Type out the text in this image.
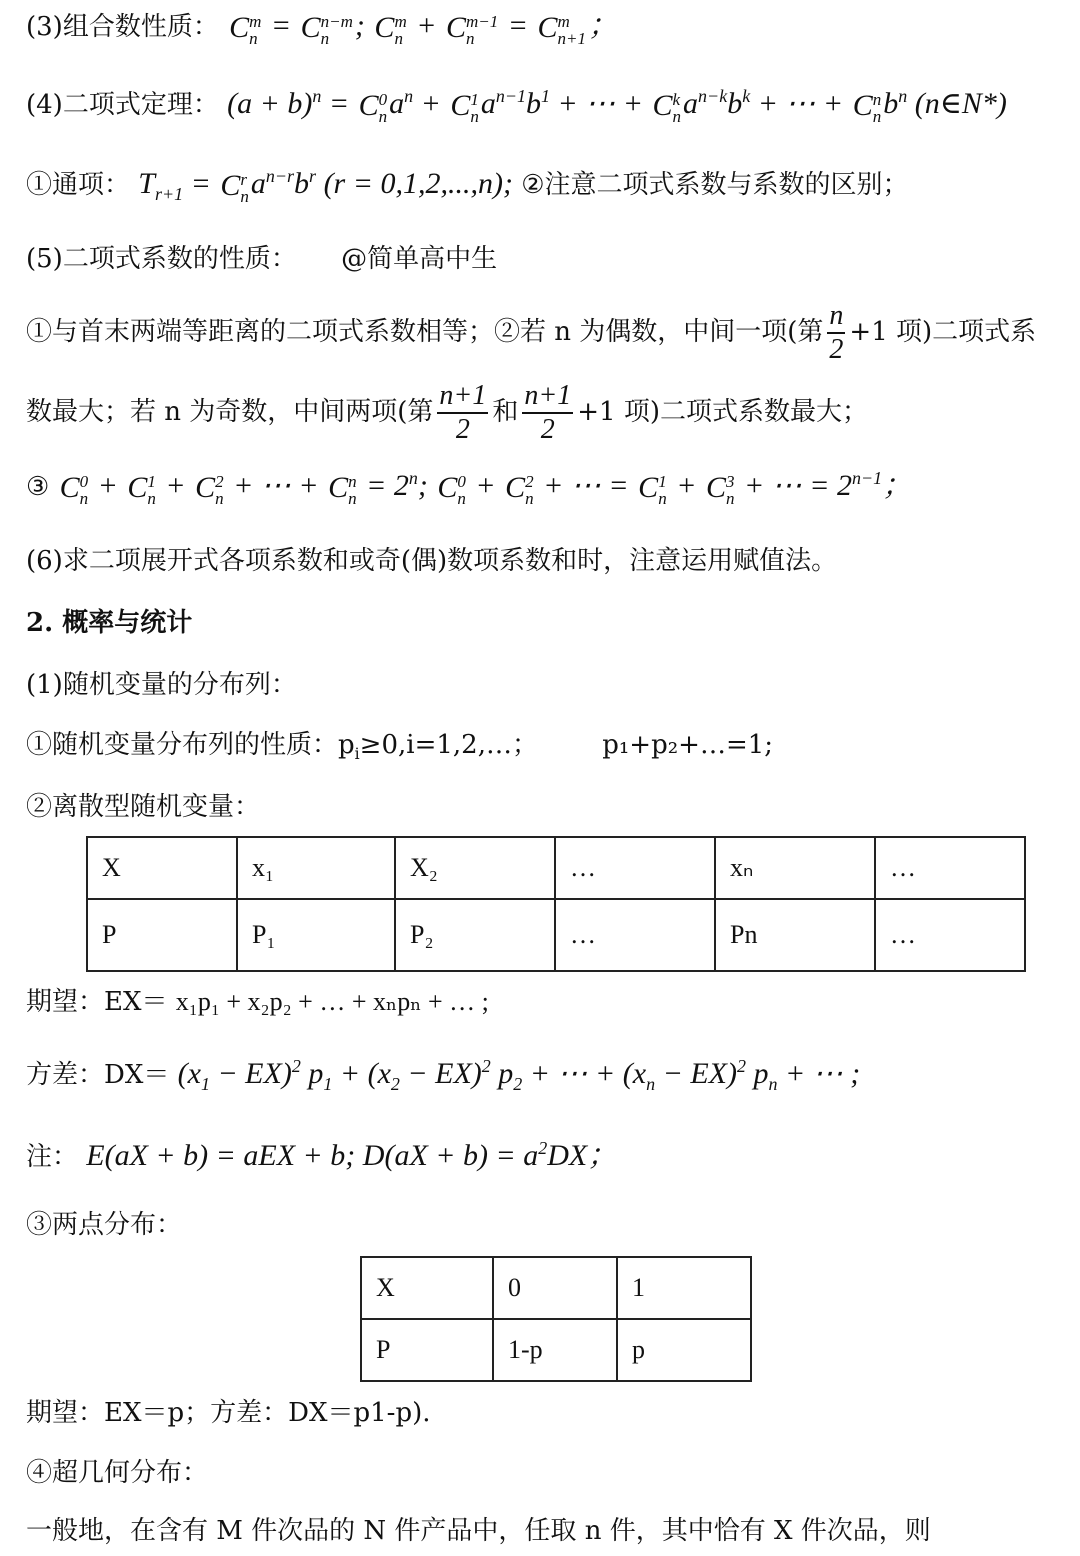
(3)组合数性质： C m
n = C n−m
n ; C m
n + C m−1
n = C m
n+1 ；
(4)二项式定理： $(a + b)^n = C$ 0
n $a^n + C$ 1
n $a^{n-1}b^1$ + ⋯ + C k
n $a^{n-k}b^k$ + ⋯ + C n
n $b^n$ (n∈N*)
①通项： $T_{r+1} = C$ r
n $a^{n-r}b^r$ (r = 0,1,2,...,n); ②注意二项式系数与系数的区别；
(5)二项式系数的性质： @简单高中生
①与首末两端等距离的二项式系数相等；②若 n 为偶数，中间一项(第 $\frac{n}{2} +1$ 项)二项式系
数最大；若 n 为奇数，中间两项(第 $\frac{n+1}{2}$ 和 $\frac{n+1}{2} +1$ 项)二项式系数最大；
③ C 0
n + C 1
n + C 2
n + ⋯ + C n
$n = 2^n$; C 0
n + C 2
n + ⋯ = C 1
n + C 3
n + ⋯ = $2^{n-1}$；
(6)求二项展开式各项系数和或奇(偶)数项系数和时，注意运用赋值法。
2. 概率与统计
(1)随机变量的分布列：
①随机变量分布列的性质：$p_i\ge 0,i=1,2,\dots$； p₁+p₂+…=1;
②离散型随机变量：
X	x₁	X₂	…	xₙ	…
P	P₁	P₂	…	Pn	…
期望：EX＝ x₁p₁ + x₂p₂ + … + xₙpₙ + … ;
方差：$DX= (x_1 - EX)^2$ $p_1 + (x_2 - EX)^2$ $p_2$ + ⋯ + $(x_n - EX)^2$ $p_n$ + ⋯ ;
注： E(aX + b) = aEX + b; $D(aX + b) = a^2DX$；
③两点分布：
X	0	1
P	1-p	p
期望：EX＝p；方差：DX＝p1-p).
④超几何分布：
一般地，在含有 M 件次品的 N 件产品中，任取 n 件，其中恰有 X 件次品，则
